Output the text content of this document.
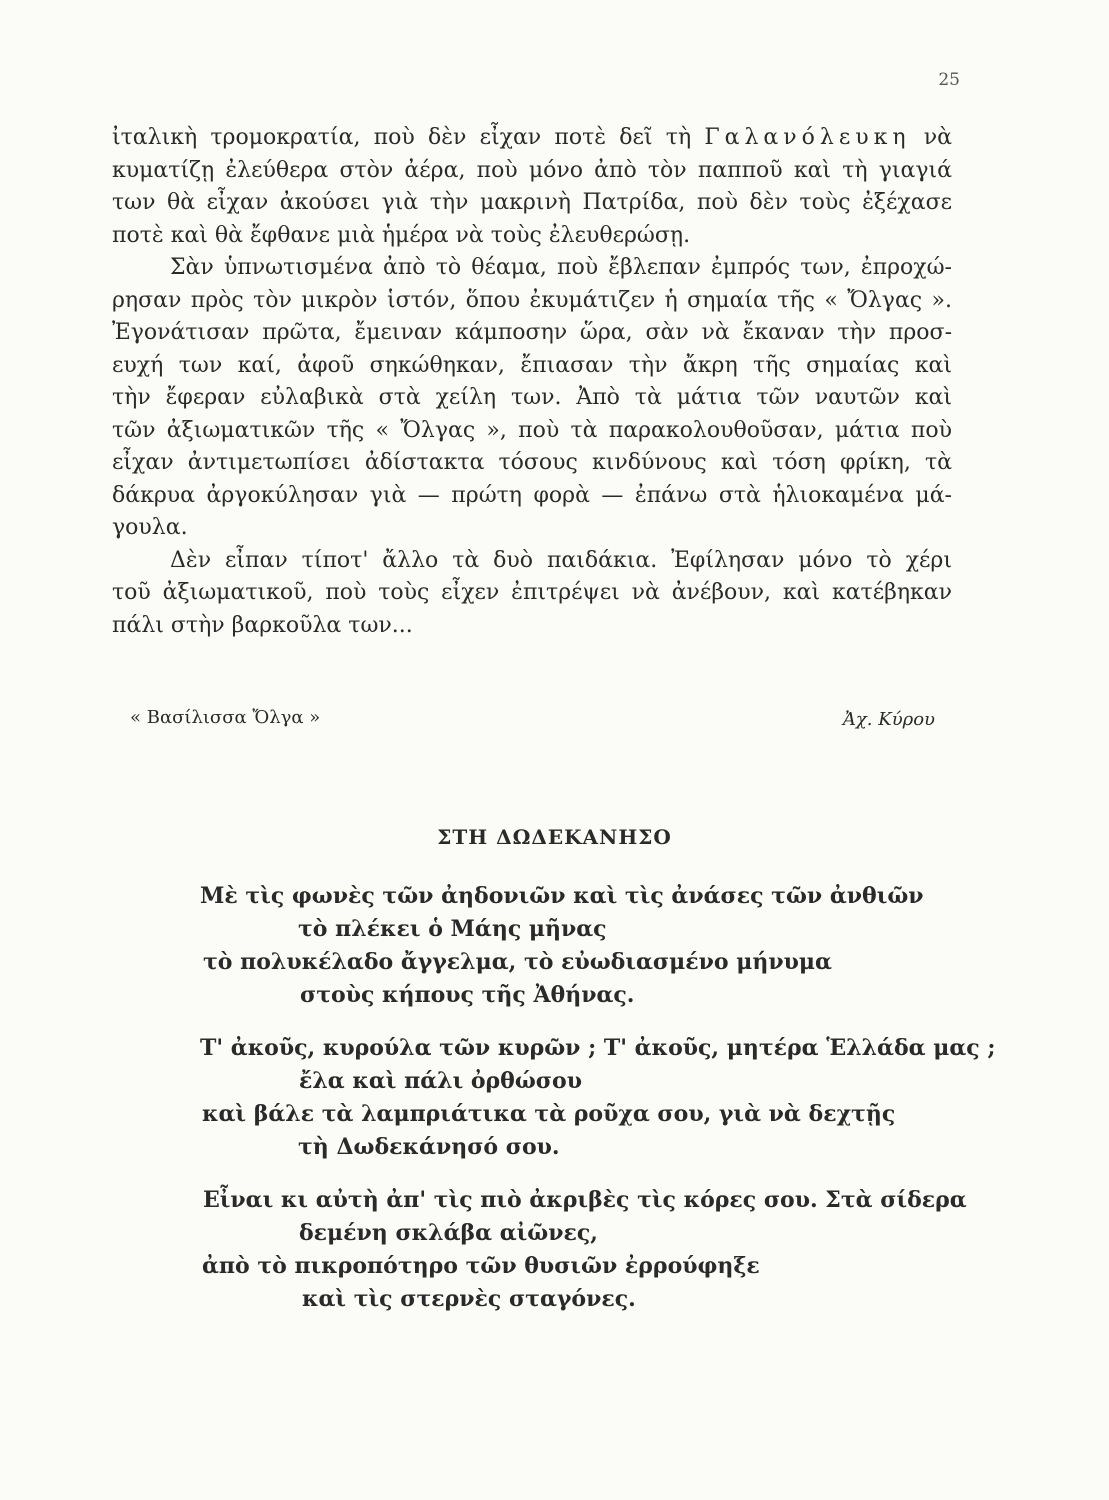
25
ἰταλικὴ τρομοκρατία, ποὺ δὲν εἶχαν ποτὲ δεῖ τὴ Γαλανόλευκη νὰ
κυματίζῃ ἐλεύθερα στὸν ἀέρα, ποὺ μόνο ἀπὸ τὸν παπποῦ καὶ τὴ γιαγιά
των θὰ εἶχαν ἀκούσει γιὰ τὴν μακρινὴ Πατρίδα, ποὺ δὲν τοὺς ἐξέχασε
ποτὲ καὶ θὰ ἔφθανε μιὰ ἡμέρα νὰ τοὺς ἐλευθερώσῃ.
Σὰν ὑπνωτισμένα ἀπὸ τὸ θέαμα, ποὺ ἔβλεπαν ἐμπρός των, ἐπροχώ-
ρησαν πρὸς τὸν μικρὸν ἱστόν, ὅπου ἐκυμάτιζεν ἡ σημαία τῆς « Ὄλγας ».
Ἐγονάτισαν πρῶτα, ἔμειναν κάμποσην ὥρα, σὰν νὰ ἔκαναν τὴν προσ-
ευχή των καί, ἀφοῦ σηκώθηκαν, ἔπιασαν τὴν ἄκρη τῆς σημαίας καὶ
τὴν ἔφεραν εὐλαβικὰ στὰ χείλη των. Ἀπὸ τὰ μάτια τῶν ναυτῶν καὶ
τῶν ἀξιωματικῶν τῆς « Ὄλγας », ποὺ τὰ παρακολουθοῦσαν, μάτια ποὺ
εἶχαν ἀντιμετωπίσει ἀδίστακτα τόσους κινδύνους καὶ τόση φρίκη, τὰ
δάκρυα ἀργοκύλησαν γιὰ — πρώτη φορὰ — ἐπάνω στὰ ἡλιοκαμένα μά-
γουλα.
Δὲν εἶπαν τίποτ' ἄλλο τὰ δυὸ παιδάκια. Ἐφίλησαν μόνο τὸ χέρι
τοῦ ἀξιωματικοῦ, ποὺ τοὺς εἶχεν ἐπιτρέψει νὰ ἀνέβουν, καὶ κατέβηκαν
πάλι στὴν βαρκοῦλα των...
« Βασίλισσα Ὄλγα »	Ἀχ. Κύρου
ΣΤΗ ΔΩΔΕΚΑΝΗΣΟ
Μὲ τὶς φωνὲς τῶν ἀηδονιῶν καὶ τὶς ἀνάσες τῶν ἀνθιῶν
τὸ πλέκει ὁ Μάης μῆνας
τὸ πολυκέλαδο ἄγγελμα, τὸ εὐωδιασμένο μήνυμα
στοὺς κήπους τῆς Ἀθήνας.
Τ' ἀκοῦς, κυρούλα τῶν κυρῶν ; Τ' ἀκοῦς, μητέρα Ἑλλάδα μας ;
ἔλα καὶ πάλι ὀρθώσου
καὶ βάλε τὰ λαμπριάτικα τὰ ροῦχα σου, γιὰ νὰ δεχτῇς
τὴ Δωδεκάνησό σου.
Εἶναι κι αὐτὴ ἀπ' τὶς πιὸ ἀκριβὲς τὶς κόρες σου. Στὰ σίδερα
δεμένη σκλάβα αἰῶνες,
ἀπὸ τὸ πικροπότηρο τῶν θυσιῶν ἐρρούφηξε
καὶ τὶς στερνὲς σταγόνες.
